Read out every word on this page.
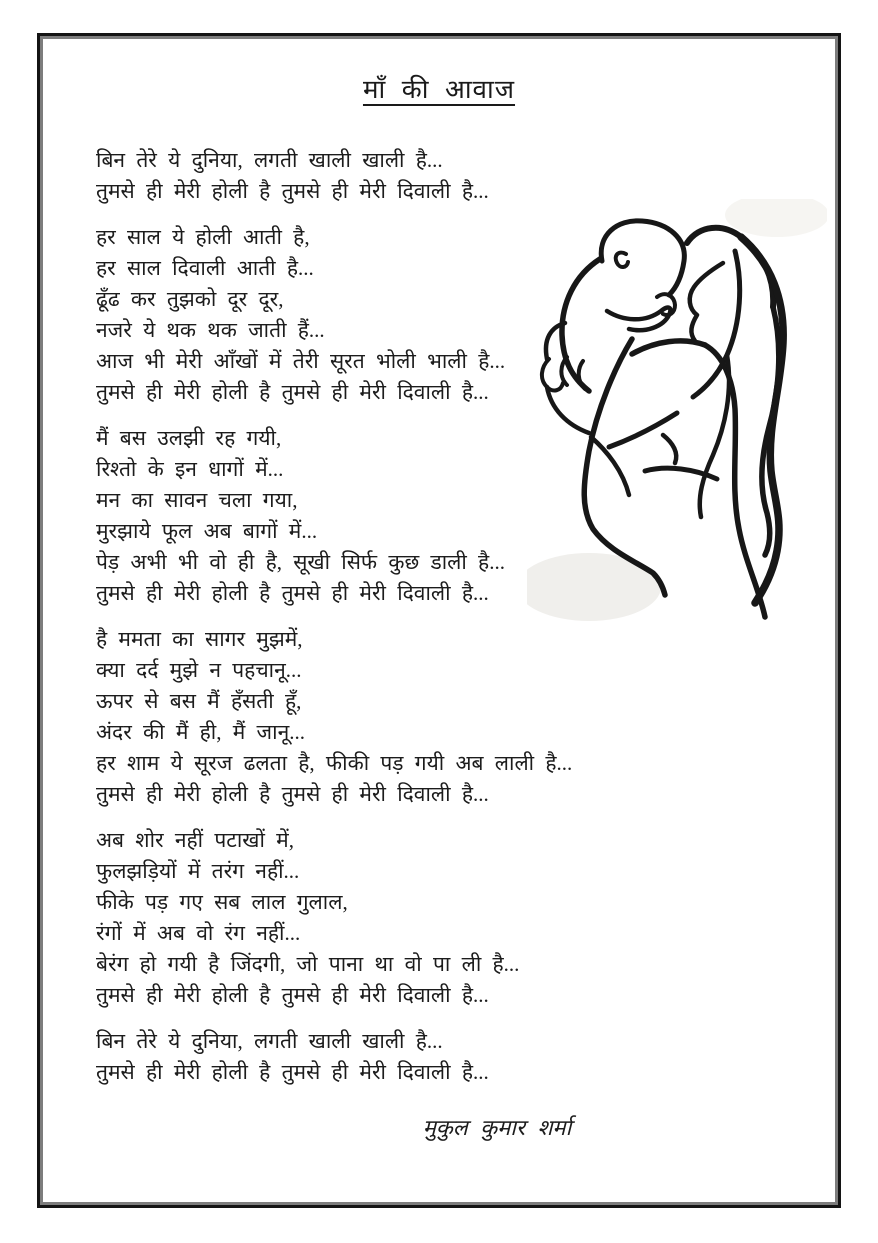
माँ की आवाज

बिन तेरे ये दुनिया, लगती खाली खाली है...

तुमसे ही मेरी होली है तुमसे ही मेरी दिवाली है...

हर साल ये होली आती है,

हर साल दिवाली आती है...

ढूँढ कर तुझको दूर दूर,

नजरे ये थक थक जाती हैं...

आज भी मेरी आँखों में तेरी सूरत भोली भाली है...

तुमसे ही मेरी होली है तुमसे ही मेरी दिवाली है...

मैं बस उलझी रह गयी,

रिश्तो के इन धागों में...

मन का सावन चला गया,

मुरझाये फूल अब बागों में...

पेड़ अभी भी वो ही है, सूखी सिर्फ कुछ डाली है...

तुमसे ही मेरी होली है तुमसे ही मेरी दिवाली है...

है ममता का सागर मुझमें,

क्या दर्द मुझे न पहचानू...

ऊपर से बस मैं हँसती हूँ,

अंदर की मैं ही, मैं जानू...

हर शाम ये सूरज ढलता है, फीकी पड़ गयी अब लाली है...

तुमसे ही मेरी होली है तुमसे ही मेरी दिवाली है...

अब शोर नहीं पटाखों में,

फुलझड़ियों में तरंग नहीं...

फीके पड़ गए सब लाल गुलाल,

रंगों में अब वो रंग नहीं...

बेरंग हो गयी है जिंदगी, जो पाना था वो पा ली है...

तुमसे ही मेरी होली है तुमसे ही मेरी दिवाली है...

बिन तेरे ये दुनिया, लगती खाली खाली है...

तुमसे ही मेरी होली है तुमसे ही मेरी दिवाली है...

मुकुल कुमार शर्मा
